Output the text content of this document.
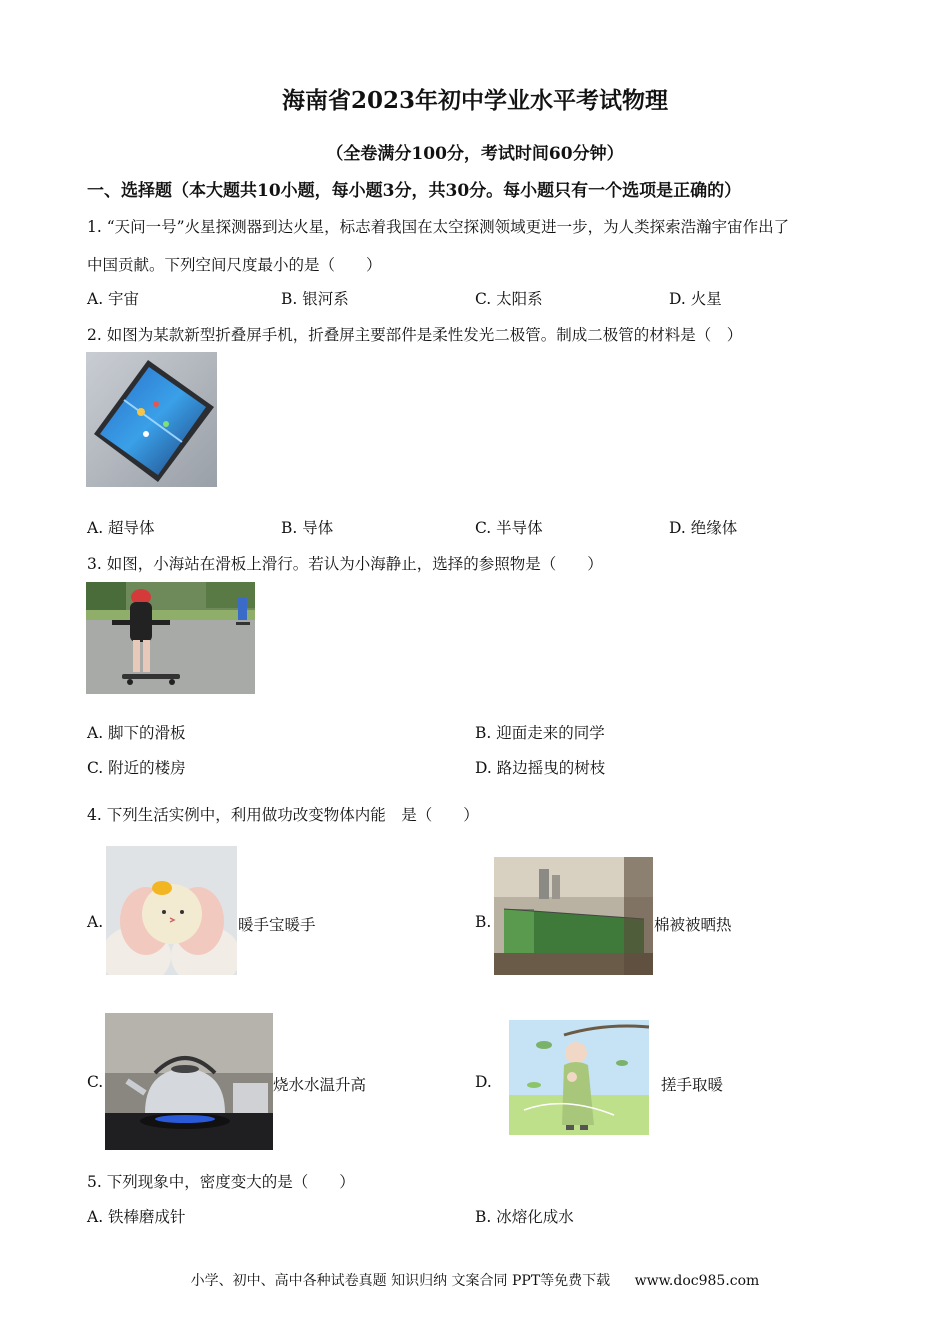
海南省2023年初中学业水平考试物理
（全卷满分100分，考试时间60分钟）
一、选择题（本大题共10小题，每小题3分，共30分。每小题只有一个选项是正确的）
1. “天问一号”火星探测器到达火星，标志着我国在太空探测领域更进一步，为人类探索浩瀚宇宙作出了
中国贡献。下列空间尺度最小的是（　　）
A. 宇宙	B. 银河系	C. 太阳系	D. 火星
2. 如图为某款新型折叠屏手机，折叠屏主要部件是柔性发光二极管。制成二极管的材料是（　）
A. 超导体	B. 导体	C. 半导体	D. 绝缘体
3. 如图，小海站在滑板上滑行。若认为小海静止，选择的参照物是（　　）
A. 脚下的滑板	B. 迎面走来的同学
C. 附近的楼房	D. 路边摇曳的树枝
4. 下列生活实例中，利用做功改变物体内能　是（　　）
A.	暖手宝暖手	B.	棉被被晒热
C.	烧水水温升高	D.	搓手取暖
5. 下列现象中，密度变大的是（　　）
A. 铁棒磨成针	B. 冰熔化成水
小学、初中、高中各种试卷真题 知识归纳 文案合同 PPT等免费下载 www.doc985.com
